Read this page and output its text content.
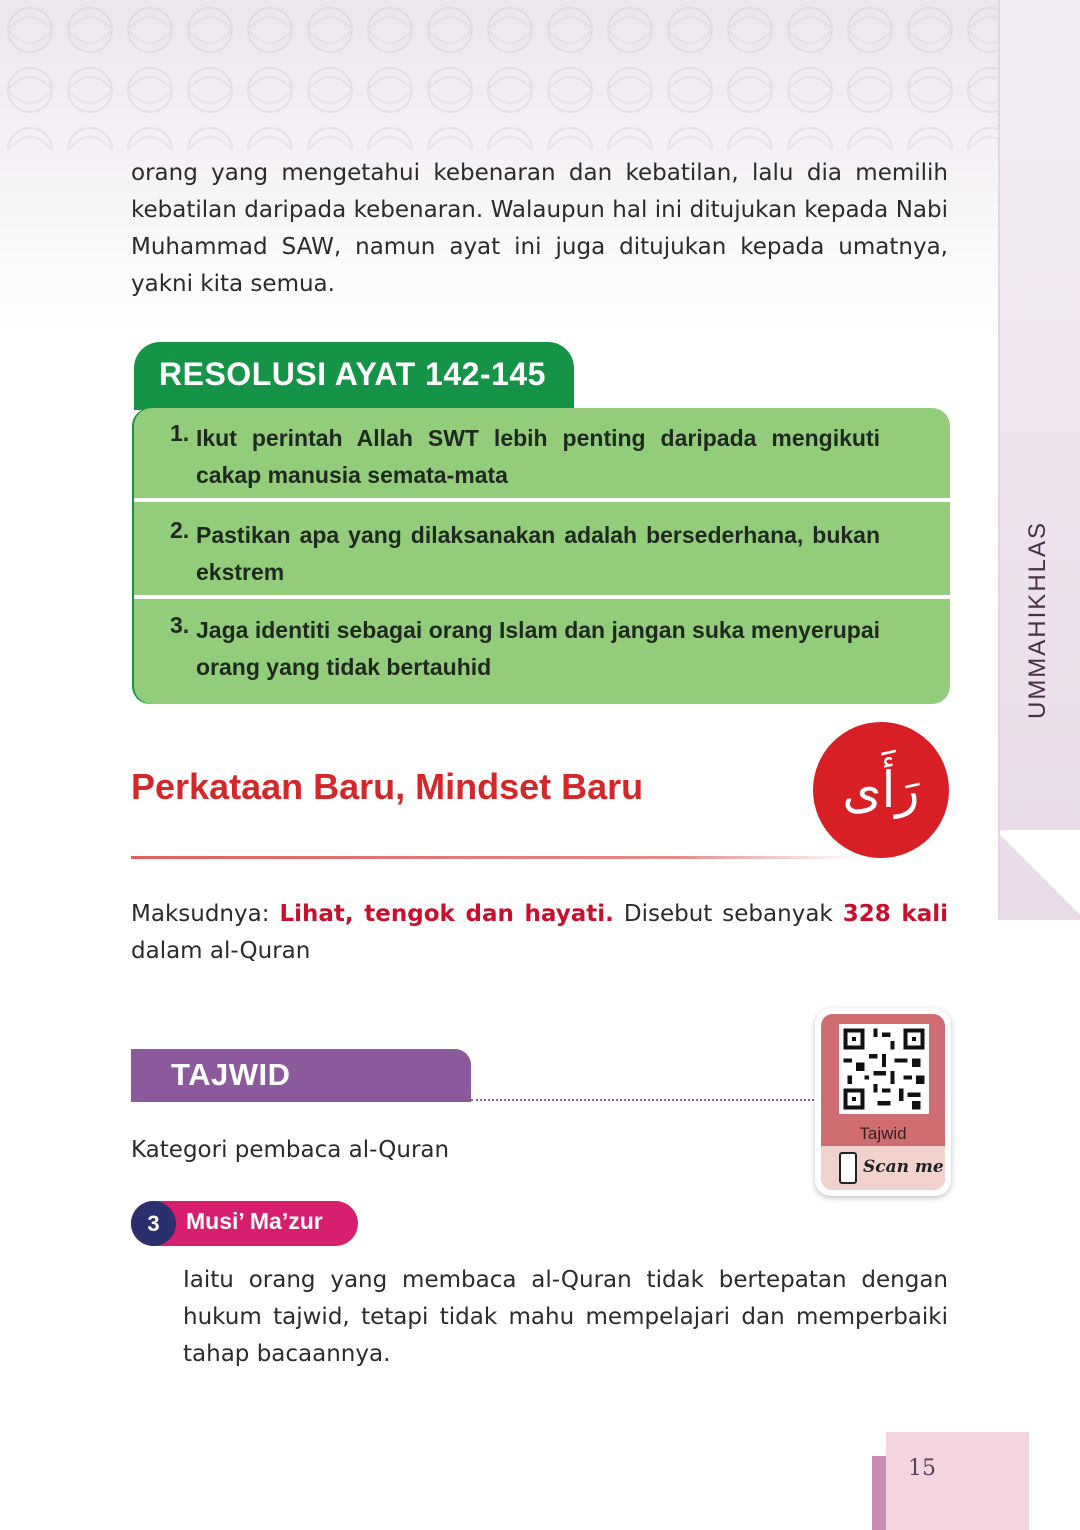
UMMAHIKHLAS

orang yang mengetahui kebenaran dan kebatilan, lalu dia memilih kebatilan daripada kebenaran. Walaupun hal ini ditujukan kepada Nabi Muhammad SAW, namun ayat ini juga ditujukan kepada umatnya, yakni kita semua.

RESOLUSI AYAT 142-145
1. Ikut perintah Allah SWT lebih penting daripada mengikuti cakap manusia semata-mata
2. Pastikan apa yang dilaksanakan adalah bersederhana, bukan ekstrem
3. Jaga identiti sebagai orang Islam dan jangan suka menyerupai orang yang tidak bertauhid
Perkataan Baru, Mindset Baru	رَأَى
Maksudnya: Lihat, tengok dan hayati. Disebut sebanyak 328 kali dalam al-Quran
TAJWID
Kategori pembaca al-Quran
Tajwid
Scan me
3	Musi’ Ma’zur

Iaitu orang yang membaca al-Quran tidak bertepatan dengan hukum tajwid, tetapi tidak mahu mempelajari dan memperbaiki tahap bacaannya.

15
